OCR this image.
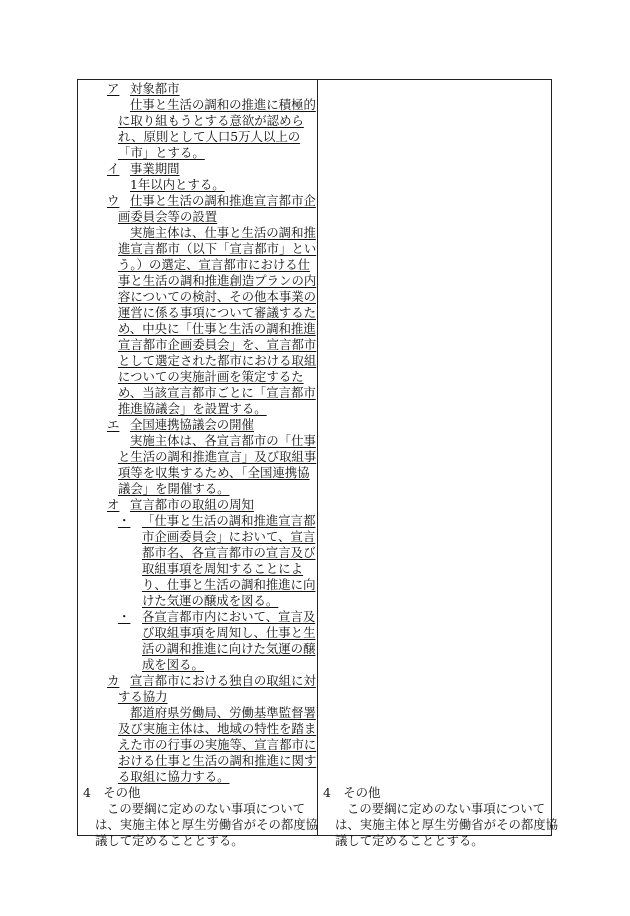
ア 対象都市
仕事と生活の調和の推進に積極的
に取り組もうとする意欲が認めら
れ、原則として人口5万人以上の
「市」とする。
イ 事業期間
1年以内とする。
ウ 仕事と生活の調和推進宣言都市企
画委員会等の設置
実施主体は、仕事と生活の調和推
進宣言都市（以下「宣言都市」とい
う。）の選定、宣言都市における仕
事と生活の調和推進創造プランの内
容についての検討、その他本事業の
運営に係る事項について審議するた
め、中央に「仕事と生活の調和推進
宣言都市企画委員会」を、宣言都市
として選定された都市における取組
についての実施計画を策定するた
め、当該宣言都市ごとに「宣言都市
推進協議会」を設置する。
エ 全国連携協議会の開催
実施主体は、各宣言都市の「仕事
と生活の調和推進宣言」及び取組事
項等を収集するため、「全国連携協
議会」を開催する。
オ 宣言都市の取組の周知
・ 「仕事と生活の調和推進宣言都
市企画委員会」において、宣言
都市名、各宣言都市の宣言及び
取組事項を周知することによ
り、仕事と生活の調和推進に向
けた気運の醸成を図る。
・ 各宣言都市内において、宣言及
び取組事項を周知し、仕事と生
活の調和推進に向けた気運の醸
成を図る。
カ 宣言都市における独自の取組に対
する協力
都道府県労働局、労働基準監督署
及び実施主体は、地域の特性を踏ま
えた市の行事の実施等、宣言都市に
おける仕事と生活の調和推進に関す
る取組に協力する。
4　その他
この要綱に定めのない事項について
は、実施主体と厚生労働省がその都度協
議して定めることとする。
4　その他
この要綱に定めのない事項について
は、実施主体と厚生労働省がその都度協
議して定めることとする。
